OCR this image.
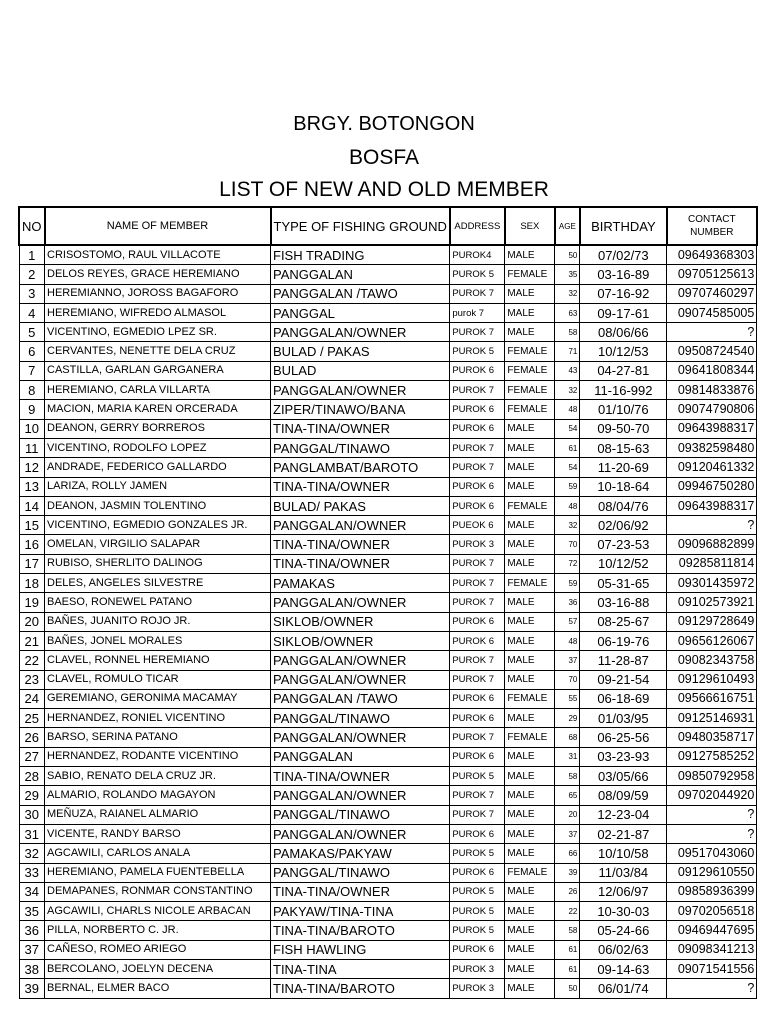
BRGY. BOTONGON
BOSFA
LIST OF NEW AND OLD MEMBER
NO	NAME OF MEMBER	TYPE OF FISHING GROUND	ADDRESS	SEX	AGE	BIRTHDAY	CONTACT NUMBER
1	CRISOSTOMO, RAUL VILLACOTE	FISH TRADING	PUROK4	MALE	50	07/02/73	09649368303
2	DELOS REYES, GRACE HEREMIANO	PANGGALAN	PUROK 5	FEMALE	35	03-16-89	09705125613
3	HEREMIANNO, JOROSS BAGAFORO	PANGGALAN /TAWO	PUROK 7	MALE	32	07-16-92	09707460297
4	HEREMIANO, WIFREDO ALMASOL	PANGGAL	purok 7	MALE	63	09-17-61	09074585005
5	VICENTINO, EGMEDIO LPEZ SR.	PANGGALAN/OWNER	PUROK 7	MALE	58	08/06/66	?
6	CERVANTES, NENETTE DELA CRUZ	BULAD / PAKAS	PUROK 5	FEMALE	71	10/12/53	09508724540
7	CASTILLA, GARLAN GARGANERA	BULAD	PUROK 6	FEMALE	43	04-27-81	09641808344
8	HEREMIANO, CARLA VILLARTA	PANGGALAN/OWNER	PUROK 7	FEMALE	32	11-16-992	09814833876
9	MACION, MARIA KAREN ORCERADA	ZIPER/TINAWO/BANA	PUROK 6	FEMALE	48	01/10/76	09074790806
10	DEANON, GERRY BORREROS	TINA-TINA/OWNER	PUROK 6	MALE	54	09-50-70	09643988317
11	VICENTINO, RODOLFO LOPEZ	PANGGAL/TINAWO	PUROK 7	MALE	61	08-15-63	09382598480
12	ANDRADE, FEDERICO GALLARDO	PANGLAMBAT/BAROTO	PUROK 7	MALE	54	11-20-69	09120461332
13	LARIZA, ROLLY JAMEN	TINA-TINA/OWNER	PUROK 6	MALE	59	10-18-64	09946750280
14	DEANON, JASMIN TOLENTINO	BULAD/ PAKAS	PUROK 6	FEMALE	48	08/04/76	09643988317
15	VICENTINO, EGMEDIO GONZALES JR.	PANGGALAN/OWNER	PUEOK 6	MALE	32	02/06/92	?
16	OMELAN, VIRGILIO SALAPAR	TINA-TINA/OWNER	PUROK 3	MALE	70	07-23-53	09096882899
17	RUBISO, SHERLITO DALINOG	TINA-TINA/OWNER	PUROK 7	MALE	72	10/12/52	09285811814
18	DELES, ANGELES SILVESTRE	PAMAKAS	PUROK 7	FEMALE	59	05-31-65	09301435972
19	BAESO, RONEWEL PATANO	PANGGALAN/OWNER	PUROK 7	MALE	36	03-16-88	09102573921
20	BAÑES, JUANITO ROJO JR.	SIKLOB/OWNER	PUROK 6	MALE	57	08-25-67	09129728649
21	BAÑES, JONEL MORALES	SIKLOB/OWNER	PUROK 6	MALE	48	06-19-76	09656126067
22	CLAVEL, RONNEL HEREMIANO	PANGGALAN/OWNER	PUROK 7	MALE	37	11-28-87	09082343758
23	CLAVEL, ROMULO TICAR	PANGGALAN/OWNER	PUROK 7	MALE	70	09-21-54	09129610493
24	GEREMIANO, GERONIMA MACAMAY	PANGGALAN /TAWO	PUROK 6	FEMALE	55	06-18-69	09566616751
25	HERNANDEZ, RONIEL VICENTINO	PANGGAL/TINAWO	PUROK 6	MALE	29	01/03/95	09125146931
26	BARSO, SERINA PATANO	PANGGALAN/OWNER	PUROK 7	FEMALE	68	06-25-56	09480358717
27	HERNANDEZ, RODANTE VICENTINO	PANGGALAN	PUROK 6	MALE	31	03-23-93	09127585252
28	SABIO, RENATO DELA CRUZ JR.	TINA-TINA/OWNER	PUROK 5	MALE	58	03/05/66	09850792958
29	ALMARIO, ROLANDO MAGAYON	PANGGALAN/OWNER	PUROK 7	MALE	65	08/09/59	09702044920
30	MEÑUZA, RAIANEL ALMARIO	PANGGAL/TINAWO	PUROK 7	MALE	20	12-23-04	?
31	VICENTE, RANDY BARSO	PANGGALAN/OWNER	PUROK 6	MALE	37	02-21-87	?
32	AGCAWILI, CARLOS ANALA	PAMAKAS/PAKYAW	PUROK 5	MALE	66	10/10/58	09517043060
33	HEREMIANO, PAMELA FUENTEBELLA	PANGGAL/TINAWO	PUROK 6	FEMALE	39	11/03/84	09129610550
34	DEMAPANES, RONMAR CONSTANTINO	TINA-TINA/OWNER	PUROK 5	MALE	26	12/06/97	09858936399
35	AGCAWILI, CHARLS NICOLE ARBACAN	PAKYAW/TINA-TINA	PUROK 5	MALE	22	10-30-03	09702056518
36	PILLA, NORBERTO C. JR.	TINA-TINA/BAROTO	PUROK 5	MALE	58	05-24-66	09469447695
37	CAÑESO, ROMEO ARIEGO	FISH HAWLING	PUROK 6	MALE	61	06/02/63	09098341213
38	BERCOLANO, JOELYN DECENA	TINA-TINA	PUROK 3	MALE	61	09-14-63	09071541556
39	BERNAL, ELMER BACO	TINA-TINA/BAROTO	PUROK 3	MALE	50	06/01/74	?
